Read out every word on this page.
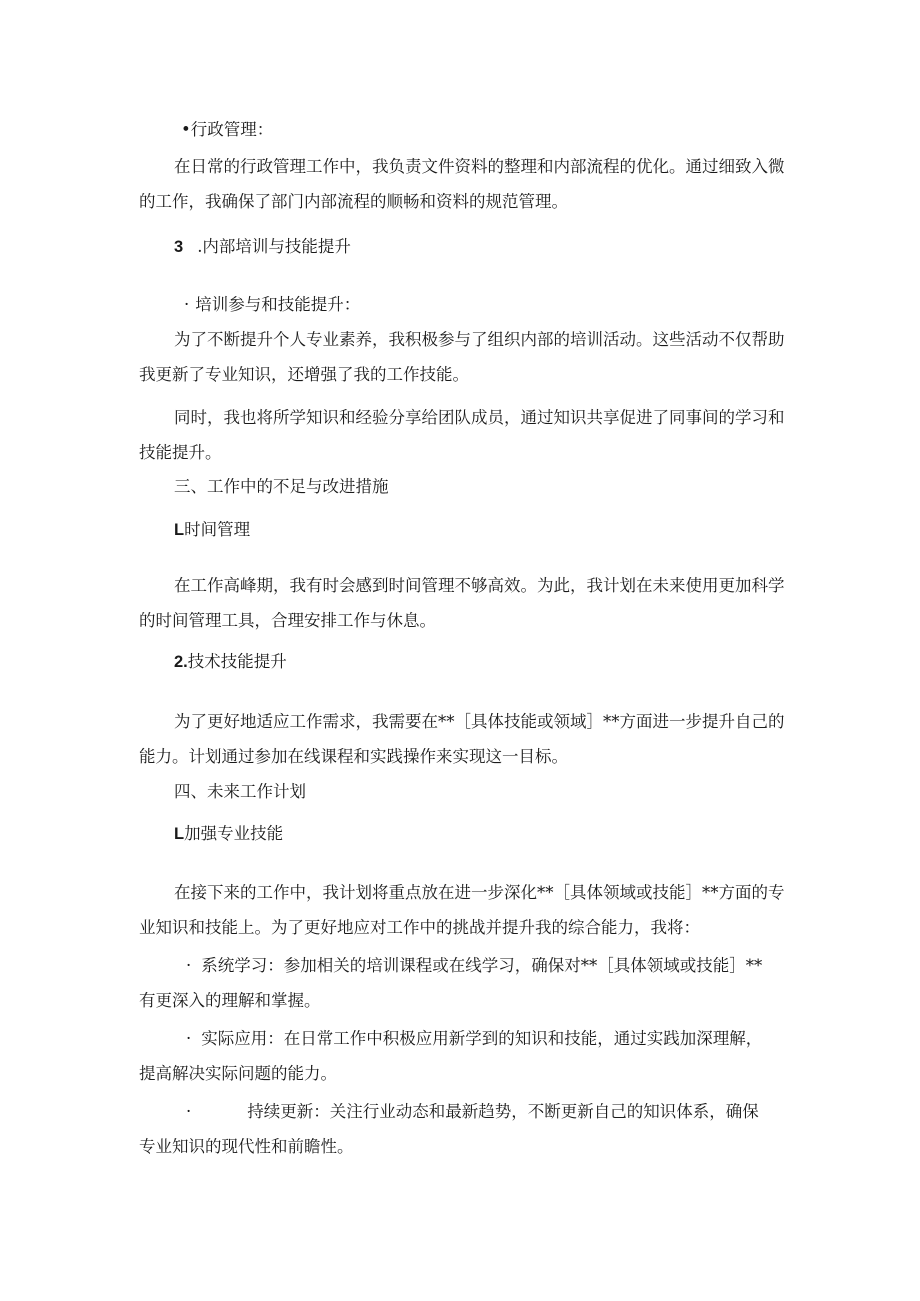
•行政管理：
在日常的行政管理工作中，我负责文件资料的整理和内部流程的优化。通过细致入微的工作，我确保了部门内部流程的顺畅和资料的规范管理。
3 .内部培训与技能提升
· 培训参与和技能提升：
为了不断提升个人专业素养，我积极参与了组织内部的培训活动。这些活动不仅帮助我更新了专业知识，还增强了我的工作技能。
同时，我也将所学知识和经验分享给团队成员，通过知识共享促进了同事间的学习和技能提升。
三、工作中的不足与改进措施
L时间管理
在工作高峰期，我有时会感到时间管理不够高效。为此，我计划在未来使用更加科学的时间管理工具，合理安排工作与休息。
2.技术技能提升
为了更好地适应工作需求，我需要在**［具体技能或领域］**方面进一步提升自己的能力。计划通过参加在线课程和实践操作来实现这一目标。
四、未来工作计划
L加强专业技能
在接下来的工作中，我计划将重点放在进一步深化**［具体领域或技能］**方面的专业知识和技能上。为了更好地应对工作中的挑战并提升我的综合能力，我将：
· 系统学习：参加相关的培训课程或在线学习，确保对**［具体领域或技能］**
有更深入的理解和掌握。
· 实际应用：在日常工作中积极应用新学到的知识和技能，通过实践加深理解，
提高解决实际问题的能力。
·	持续更新：关注行业动态和最新趋势，不断更新自己的知识体系，确保
专业知识的现代性和前瞻性。
